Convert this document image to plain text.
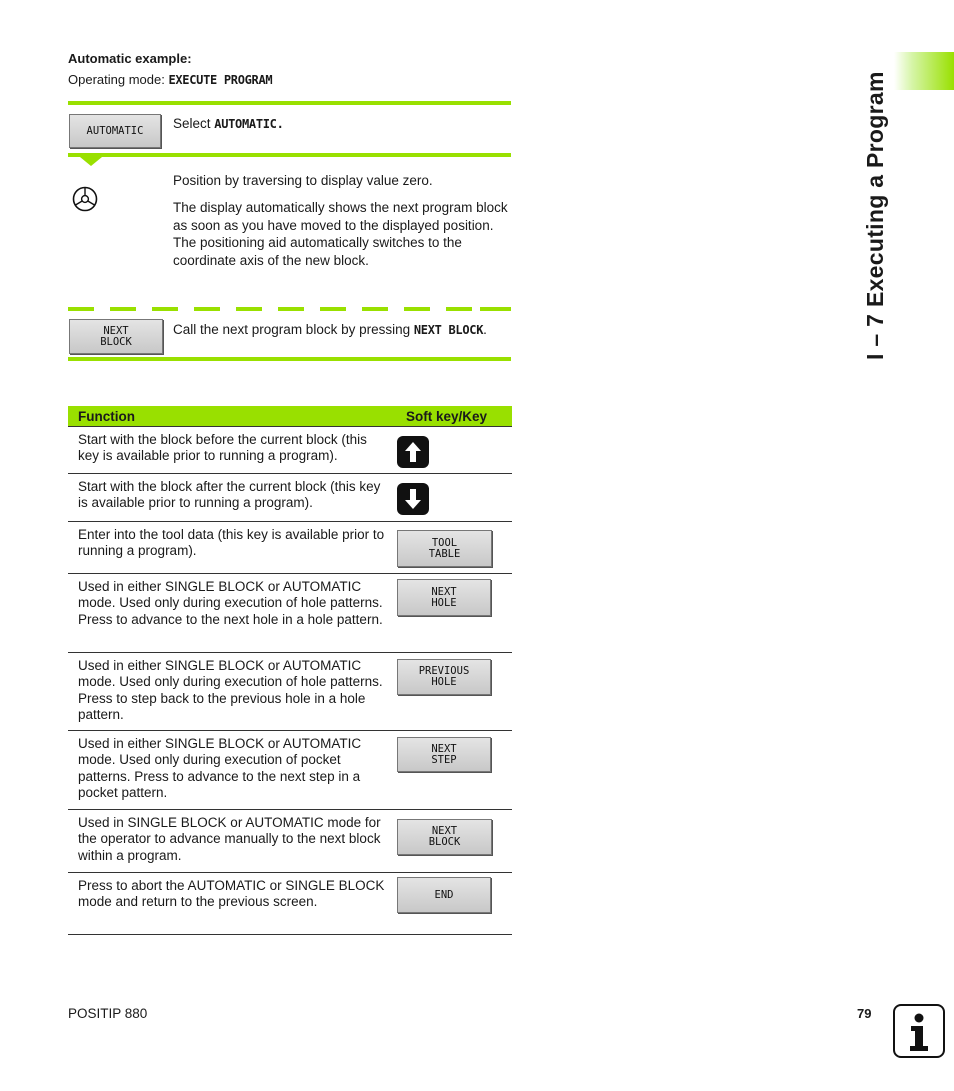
Automatic example:
Operating mode: EXECUTE PROGRAM
AUTOMATIC	Select AUTOMATIC.
Position by traversing to display value zero.
The display automatically shows the next program block as soon as you have moved to the displayed position. The positioning aid automatically switches to the coordinate axis of the new block.
NEXT
BLOCK
Call the next program block by pressing NEXT BLOCK.
Function	Soft key/Key

Start with the block before the current block (this key is available prior to running a program).

Start with the block after the current block (this key is available prior to running a program).

Enter into the tool data (this key is available prior to running a program).	TOOL
TABLE

Used in either SINGLE BLOCK or AUTOMATIC mode. Used only during execution of hole patterns. Press to advance to the next hole in a hole pattern.	NEXT
HOLE

Used in either SINGLE BLOCK or AUTOMATIC mode. Used only during execution of hole patterns. Press to step back to the previous hole in a hole pattern.	PREVIOUS
HOLE

Used in either SINGLE BLOCK or AUTOMATIC mode. Used only during execution of pocket patterns. Press to advance to the next step in a pocket pattern.	NEXT
STEP

Used in SINGLE BLOCK or AUTOMATIC mode for the operator to advance manually to the next block within a program.	NEXT
BLOCK

Press to abort the AUTOMATIC or SINGLE BLOCK mode and return to the previous screen.	END
I – 7 Executing a Program
POSITIP 880	79
